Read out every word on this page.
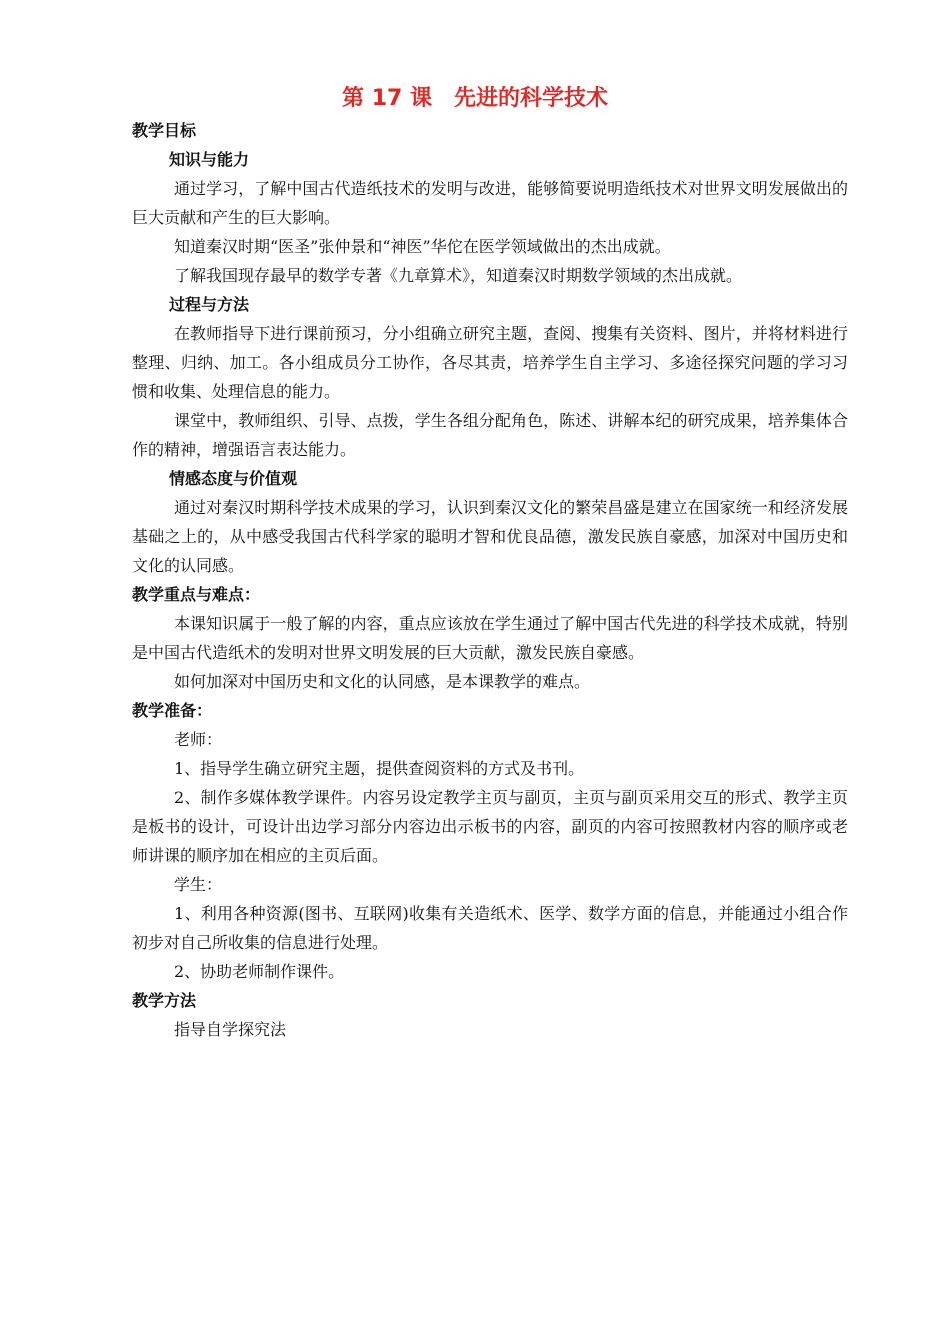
第 17 课　先进的科学技术

教学目标

知识与能力

通过学习，了解中国古代造纸技术的发明与改进，能够简要说明造纸技术对世界文明发展做出的巨大贡献和产生的巨大影响。

知道秦汉时期“医圣”张仲景和“神医”华佗在医学领域做出的杰出成就。

了解我国现存最早的数学专著《九章算术》，知道秦汉时期数学领域的杰出成就。

过程与方法

在教师指导下进行课前预习，分小组确立研究主题，查阅、搜集有关资料、图片，并将材料进行整理、归纳、加工。各小组成员分工协作，各尽其责，培养学生自主学习、多途径探究问题的学习习惯和收集、处理信息的能力。

课堂中，教师组织、引导、点拨，学生各组分配角色，陈述、讲解本纪的研究成果，培养集体合作的精神，增强语言表达能力。

情感态度与价值观

通过对秦汉时期科学技术成果的学习，认识到秦汉文化的繁荣昌盛是建立在国家统一和经济发展基础之上的，从中感受我国古代科学家的聪明才智和优良品德，激发民族自豪感，加深对中国历史和文化的认同感。

教学重点与难点：

本课知识属于一般了解的内容，重点应该放在学生通过了解中国古代先进的科学技术成就，特别是中国古代造纸术的发明对世界文明发展的巨大贡献，激发民族自豪感。

如何加深对中国历史和文化的认同感，是本课教学的难点。

教学准备：

老师：

1、指导学生确立研究主题，提供查阅资料的方式及书刊。

2、制作多媒体教学课件。内容另设定教学主页与副页，主页与副页采用交互的形式、教学主页是板书的设计，可设计出边学习部分内容边出示板书的内容，副页的内容可按照教材内容的顺序或老师讲课的顺序加在相应的主页后面。

学生：

1、利用各种资源(图书、互联网)收集有关造纸术、医学、数学方面的信息，并能通过小组合作初步对自己所收集的信息进行处理。

2、协助老师制作课件。

教学方法

指导自学探究法
